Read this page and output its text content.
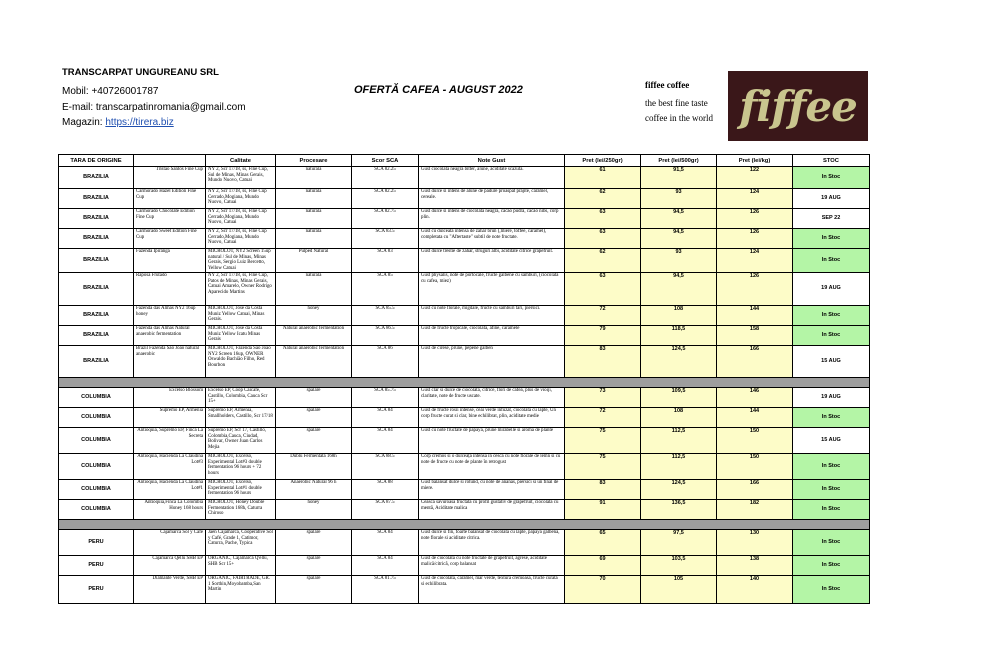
TRANSCARPAT UNGUREANU SRL
Mobil: +40726001787
E-mail: transcarpatinromania@gmail.com
Magazin: https://tirera.biz
OFERTĂ CAFEA - AUGUST 2022	fiffee coffee
the best fine taste
coffee in the world fiffee
TARA DE ORIGINE		Calitate	Procesare	Scor SCA	Note Gust	Pret (lei/250gr)	Pret (lei/500gr)	Pret (lei/kg)	STOC
BRAZILIA	Tristao Santos Fine Cup	NY 2, Scr 17/18, ss, Fine Cup, Sul de Minas, Minas Gerais, Mundo Nuovo, Catuai	naturala	SCA 82.25	Gust ciocolata neagra bitter, alune, aciditate scazuta.	61	91,5	122	In Stoc
BRAZILIA	Carmorado Hazel Edition Fine Cup	NY 2, Scr 17/18, ss, Fine Cup Cerrado,Mogiana, Mundo Nuovo, Catuai	naturala	SCA 82.25	Gust dulce si intens de alune de padure proaspat prajite, caramel, cereale.	62	93	124	19 AUG
BRAZILIA	Carmorado Chocolate Edition Fine Cup	NY 2, Scr 17/18, ss, Fine Cup Cerrado,Mogiana, Mundo Nuovo, Catuai	naturala	SCA 82.75	Gust dulce si intens de ciocolata neagra, cacao pudra, cacao nibs, corp plin.	63	94,5	126	SEP 22
BRAZILIA	Carmorado Sweet Edition Fine Cup	NY 2, Scr 17/18, ss, Fine Cup Cerrado,Mogiana, Mundo Nuovo, Catuai	naturala	SCA 83.5	Gust cu dulceata intensă de zahar brun (,miere, toffee, caramel), completata cu "Aftertaste" subtil de note fructate.	63	94,5	126	In Stoc
BRAZILIA	Fazenda Ipiranga	MICROLOT, NY2 Screen 15up natural / Sul de Minas, Minas Gerais, Sergio Luiz Bercetto, Yellow Catuai	Pulped Natural	SCA 83	Gust dulce trestie de zahăr, struguri albi, aciditate citrice grapefruit.	62	93	124	In Stoc
BRAZILIA	Raposa Frutado	NY 2, Scr 17/18, ss, Fine Cup, Patos de Minas, Minas Gerais, Catuai Amarelo, Owner Rodrigo Aparecido Martins	naturala	SCA 85	Gust physalis, note de portocale, fructe galbene cu sâmburi, (ciocolată cu cafea, miez)	63	94,5	126	19 AUG
BRAZILIA	Fazenda das Almas NY2 16up honey	MICROLOT, Jose da Costa Muniz Yellow Catuai, Minas Gerais.	honey	SCA 85.5	Gust cu note florale, migdale, fructe cu sâmburi tari, piersici.	72	108	144	In Stoc
BRAZILIA	Fazenda das Almas Natural anaerobic fermentation	MICROLOT, Jose da Costa Muniz Yellow Icatu Minas Gerais	Natural anaerobic fermentation	SCA 86.5	Gust de fructe tropicale, ciocolata, afine, caramele	79	118,5	158	In Stoc
BRAZILIA	Brazil Fazenda Sao Joao natural anaerobic	MICROLOT, Fazenda Sao Joao NY2 Screen 16up, OWNER Oswaldo Bachião Filho, Red Bourbon	Natural anaerobic fermentation	SCA 86	Gust de cirese, prune, pepene galben	83	124,5	166	15 AUG

COLUMBIA	Excelso Blossom	Excelso EP, Coop Caicafe, Castillo, Colombia, Cauca Scr 15+	spalare	SCA 85.75	Gust clar si dulce de ciocolata, citrice, flori de cafea, plus de vioiji, claritate, note de fructe uscate.	73	109,5	146	19 AUG
COLUMBIA	Supremo EP, Armenia	Supremo EP, Armenia, Smallholders, Castillo, Scr 17/18	spalare	SCA 84	Gust de fructe rosii intense, ceai verde infuzat, ciocolată cu lapte, Un corp fructe curat si clar, bine echilibrat, plin, aciditate medie	72	108	144	In Stoc
COLUMBIA	Antioquia, Supremo EP, Finca La Secreta	Supremo EP, Scr 17, Castillo, Colombia,Cauca, Ciudad, Bolivar, Owner Juan Carlos Mejia	spalare	SCA 84	Gust cu note fructate de papaya, prune mirabelle si aroma de plante	75	112,5	150	15 AUG
COLUMBIA	Antioquia, Hacienda La Claudina Lot#3	MICROLOT, Excelso, Experimental Lot#3 double fermentation 96 hours + 72 hours	Dublu Fermentata 168h	SCA 88.5	Corp cremos si o dulceață intensă în cescă cu note florale de lemn si cu note de fructe cu note de plante în retrogust	75	112,5	150	In Stoc
COLUMBIA	Antioquia, Hacienda La Claudina Lot#1	MICROLOT, Excelso, Experimental Lot#1 double fermentation 96 hours	Anaerobic Natural 96 h	SCA 88	Gust balansat dulce si rotund, cu note de ananas, piersici si un final de miere.	83	124,5	166	In Stoc
COLUMBIA	Antioquia,Finca La Colombia Honey 168 hours	MICROLOT, Honey Double Fermentation 168h, Caturra Chiroso	honey	SCA 87.5	Ceasca savuroasă fructată cu profil gustativ de grapefruit, ciocolată cu mentă, Aciditate malica	91	136,5	182	In Stoc

PERU	Cajamarca Sol y Café	Jaen Cajamarca, Cooperative Sol y Café, Grade 1, Catimor, Caturra, Pache, Typica	spalare	SCA 84	Gust dulce si fin, foarte balansat de ciocolată cu lapte, papaya galbena, note florale si aciditate citrica.	65	97,5	130	In Stoc
PERU	Cajamarca Qellu SHB EP	ORGANIC, Cajamarca Q'ellu, SHB Scr 15+	spalare	SCA 84	Gust de ciocolată cu note fructate de grapefruit, agrese, aciditate malică/citrică, corp balansat	69	103,5	138	In Stoc
PERU	Diamante Verde, SHB EP	ORGANIC, FAIRTRADE, GR. 1 Sorthin,Moyobamba,San Martin	spalare	SCA 81.75	Gust de ciocolata, caramel, mar verde, textura cremoasa, fructe curata si echilibrata.	70	105	140	In Stoc
